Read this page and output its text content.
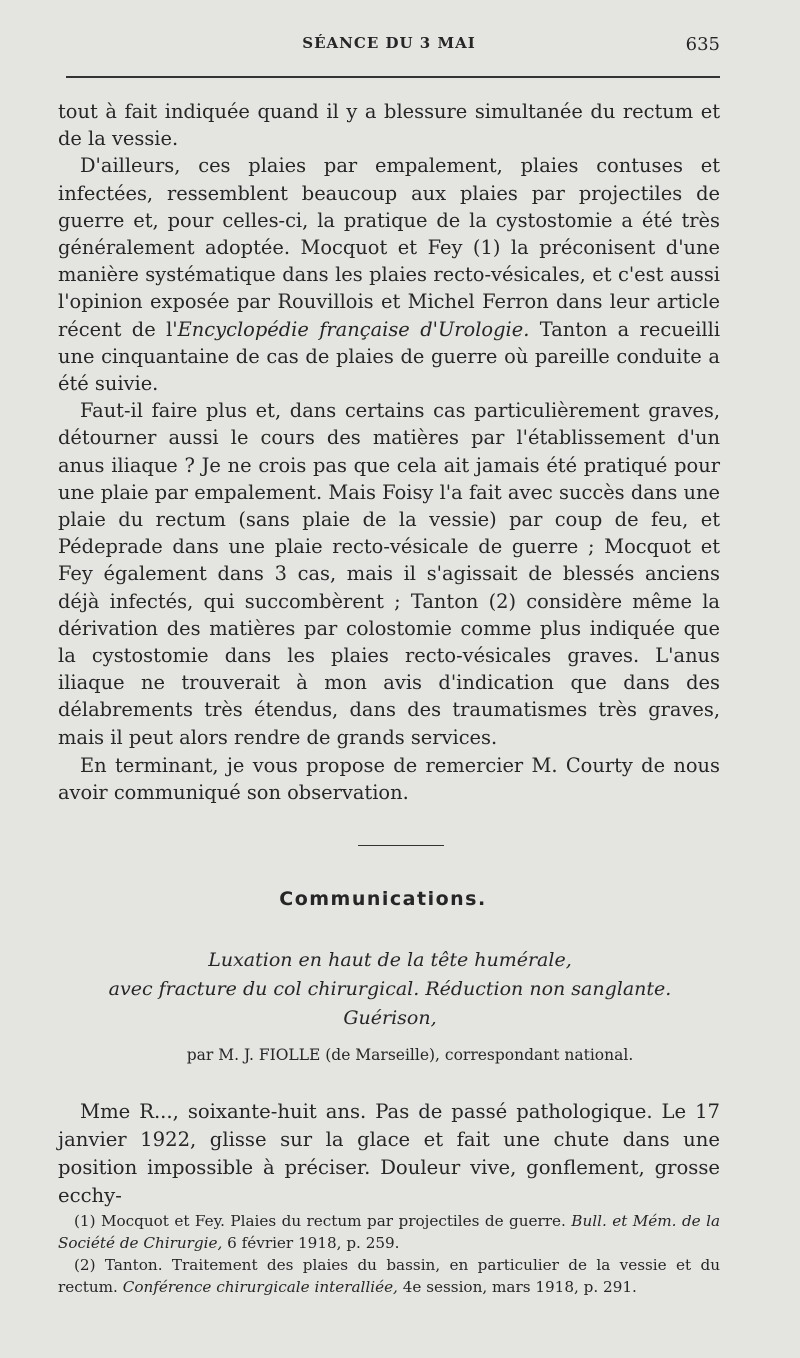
SÉANCE DU 3 MAI	635

tout à fait indiquée quand il y a blessure simultanée du rectum et de la vessie.

D'ailleurs, ces plaies par empalement, plaies contuses et infectées, ressemblent beaucoup aux plaies par projectiles de guerre et, pour celles-ci, la pratique de la cystostomie a été très généralement adoptée. Mocquot et Fey (1) la préconisent d'une manière systématique dans les plaies recto-vésicales, et c'est aussi l'opinion exposée par Rouvillois et Michel Ferron dans leur article récent de l'Encyclopédie française d'Urologie. Tanton a recueilli une cinquantaine de cas de plaies de guerre où pareille conduite a été suivie.

Faut-il faire plus et, dans certains cas particulièrement graves, détourner aussi le cours des matières par l'établissement d'un anus iliaque ? Je ne crois pas que cela ait jamais été pratiqué pour une plaie par empalement. Mais Foisy l'a fait avec succès dans une plaie du rectum (sans plaie de la vessie) par coup de feu, et Pédeprade dans une plaie recto-vésicale de guerre ; Mocquot et Fey également dans 3 cas, mais il s'agissait de blessés anciens déjà infectés, qui succombèrent ; Tanton (2) considère même la dérivation des matières par colostomie comme plus indiquée que la cystostomie dans les plaies recto-vésicales graves. L'anus iliaque ne trouverait à mon avis d'indication que dans des délabrements très étendus, dans des traumatismes très graves, mais il peut alors rendre de grands services.

En terminant, je vous propose de remercier M. Courty de nous avoir communiqué son observation.

Communications.
Luxation en haut de la tête humérale,
avec fracture du col chirurgical. Réduction non sanglante.
Guérison,
par M. J. FIOLLE (de Marseille), correspondant national.

Mme R..., soixante-huit ans. Pas de passé pathologique. Le 17 janvier 1922, glisse sur la glace et fait une chute dans une position impossible à préciser. Douleur vive, gonflement, grosse ecchy-

(1) Mocquot et Fey. Plaies du rectum par projectiles de guerre. Bull. et Mém. de la Société de Chirurgie, 6 février 1918, p. 259.

(2) Tanton. Traitement des plaies du bassin, en particulier de la vessie et du rectum. Conférence chirurgicale interalliée, 4e session, mars 1918, p. 291.
